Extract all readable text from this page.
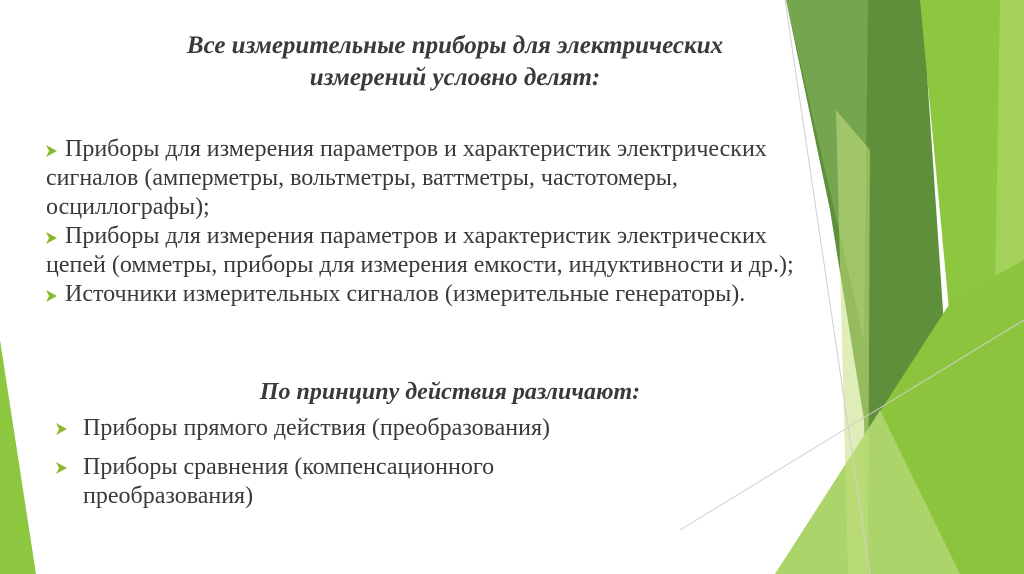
Все измерительные приборы для электрических
измерений условно делят:
Приборы для измерения параметров и характеристик электрических сигналов (амперметры, вольтметры, ваттметры, частотомеры, осциллографы);
Приборы для измерения параметров и характеристик электрических цепей (омметры, приборы для измерения емкости, индуктивности и др.);
Источники измерительных сигналов (измерительные генераторы).
По принципу действия различают:
Приборы прямого действия (преобразования)
Приборы сравнения (компенсационного
преобразования)
